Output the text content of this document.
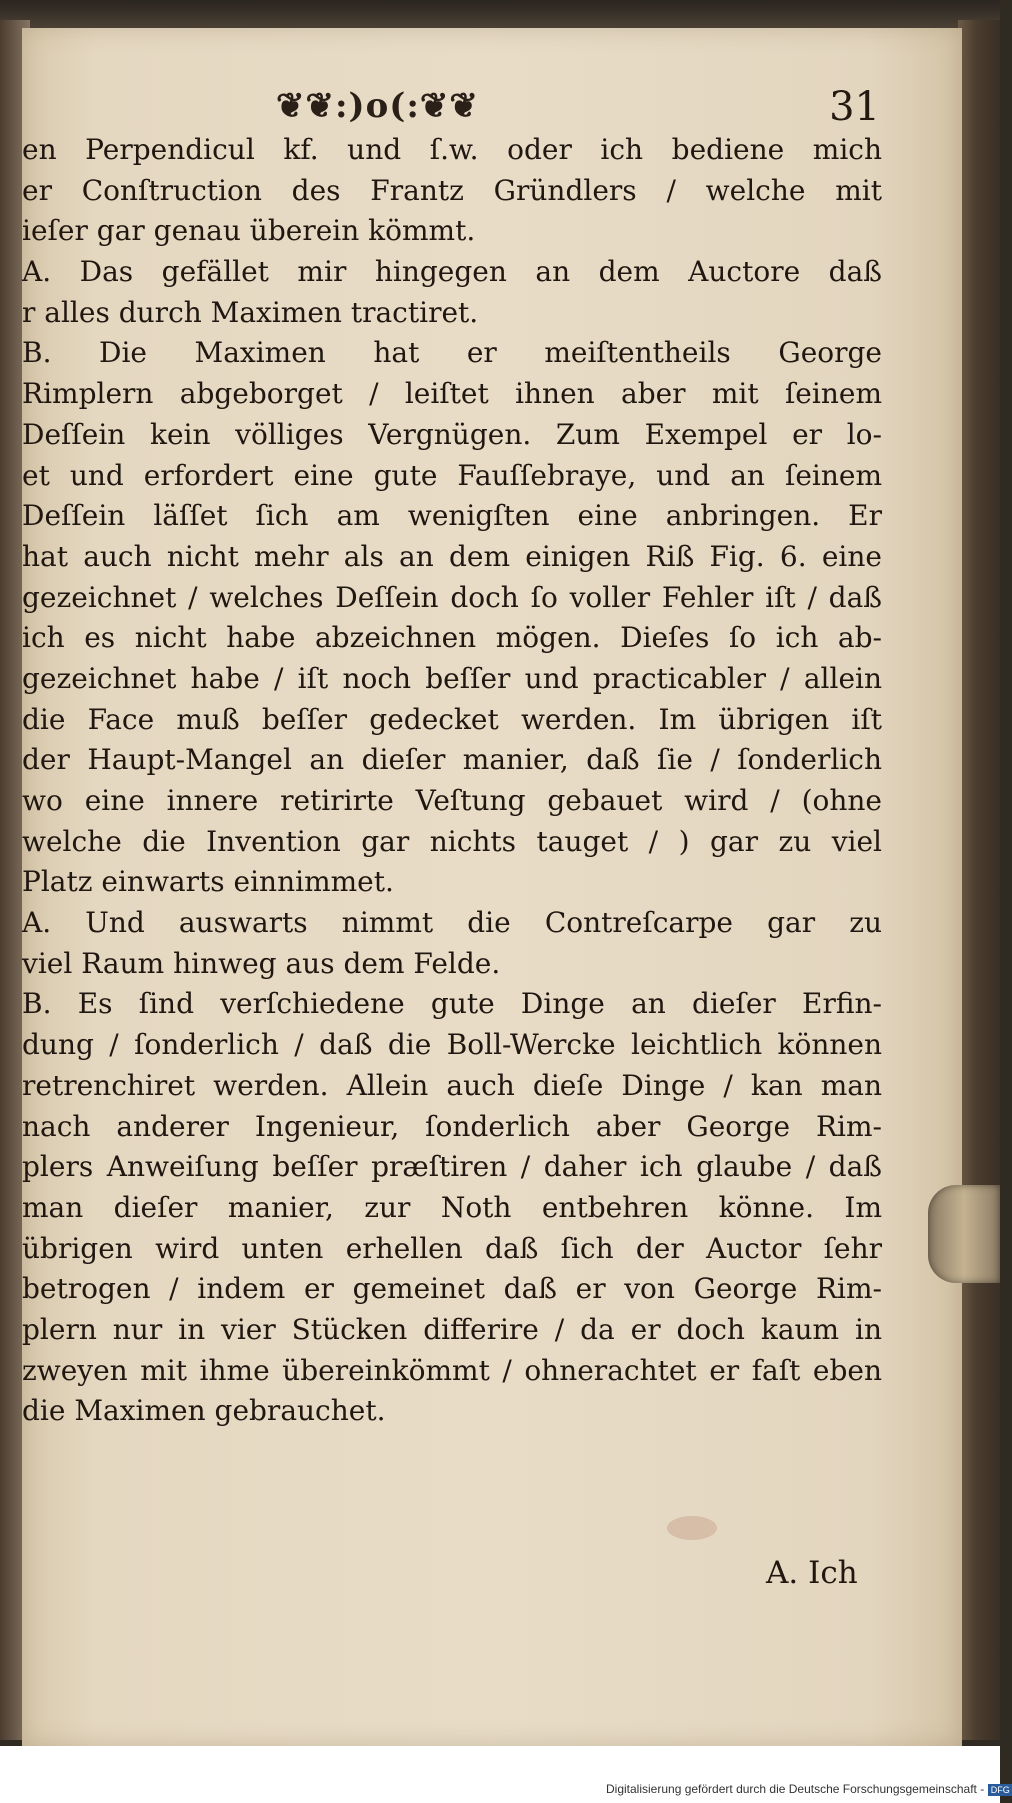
❦❦:)o(:❦❦	31
en Perpendicul kf. und ſ.w. oder ich bediene mich
er Conſtruction des Frantz Gründlers / welche mit
ieſer gar genau überein kömmt.
A. Das gefället mir hingegen an dem Auctore daß
r alles durch Maximen tractiret.
B. Die Maximen hat er meiſtentheils George
Rimplern abgeborget / leiſtet ihnen aber mit ſeinem
Deſſein kein völliges Vergnügen. Zum Exempel er lo-
et und erfordert eine gute Fauſſebraye, und an ſeinem
Deſſein läſſet ſich am wenigſten eine anbringen. Er
hat auch nicht mehr als an dem einigen Riß Fig. 6. eine
gezeichnet / welches Deſſein doch ſo voller Fehler iſt / daß
ich es nicht habe abzeichnen mögen. Dieſes ſo ich ab-
gezeichnet habe / iſt noch beſſer und practicabler / allein
die Face muß beſſer gedecket werden. Im übrigen iſt
der Haupt-Mangel an dieſer manier, daß ſie / ſonderlich
wo eine innere retirirte Veſtung gebauet wird / (ohne
welche die Invention gar nichts tauget / ) gar zu viel
Platz einwarts einnimmet.
A. Und auswarts nimmt die Contreſcarpe gar zu
viel Raum hinweg aus dem Felde.
B. Es ſind verſchiedene gute Dinge an dieſer Erfin-
dung / ſonderlich / daß die Boll-Wercke leichtlich können
retrenchiret werden. Allein auch dieſe Dinge / kan man
nach anderer Ingenieur, ſonderlich aber George Rim-
plers Anweiſung beſſer præſtiren / daher ich glaube / daß
man dieſer manier, zur Noth entbehren könne. Im
übrigen wird unten erhellen daß ſich der Auctor ſehr
betrogen / indem er gemeinet daß er von George Rim-
plern nur in vier Stücken differire / da er doch kaum in
zweyen mit ihme übereinkömmt / ohnerachtet er faſt eben
die Maximen gebrauchet.
A. Ich
Digitalisierung gefördert durch die Deutsche Forschungsgemeinschaft - DFG
